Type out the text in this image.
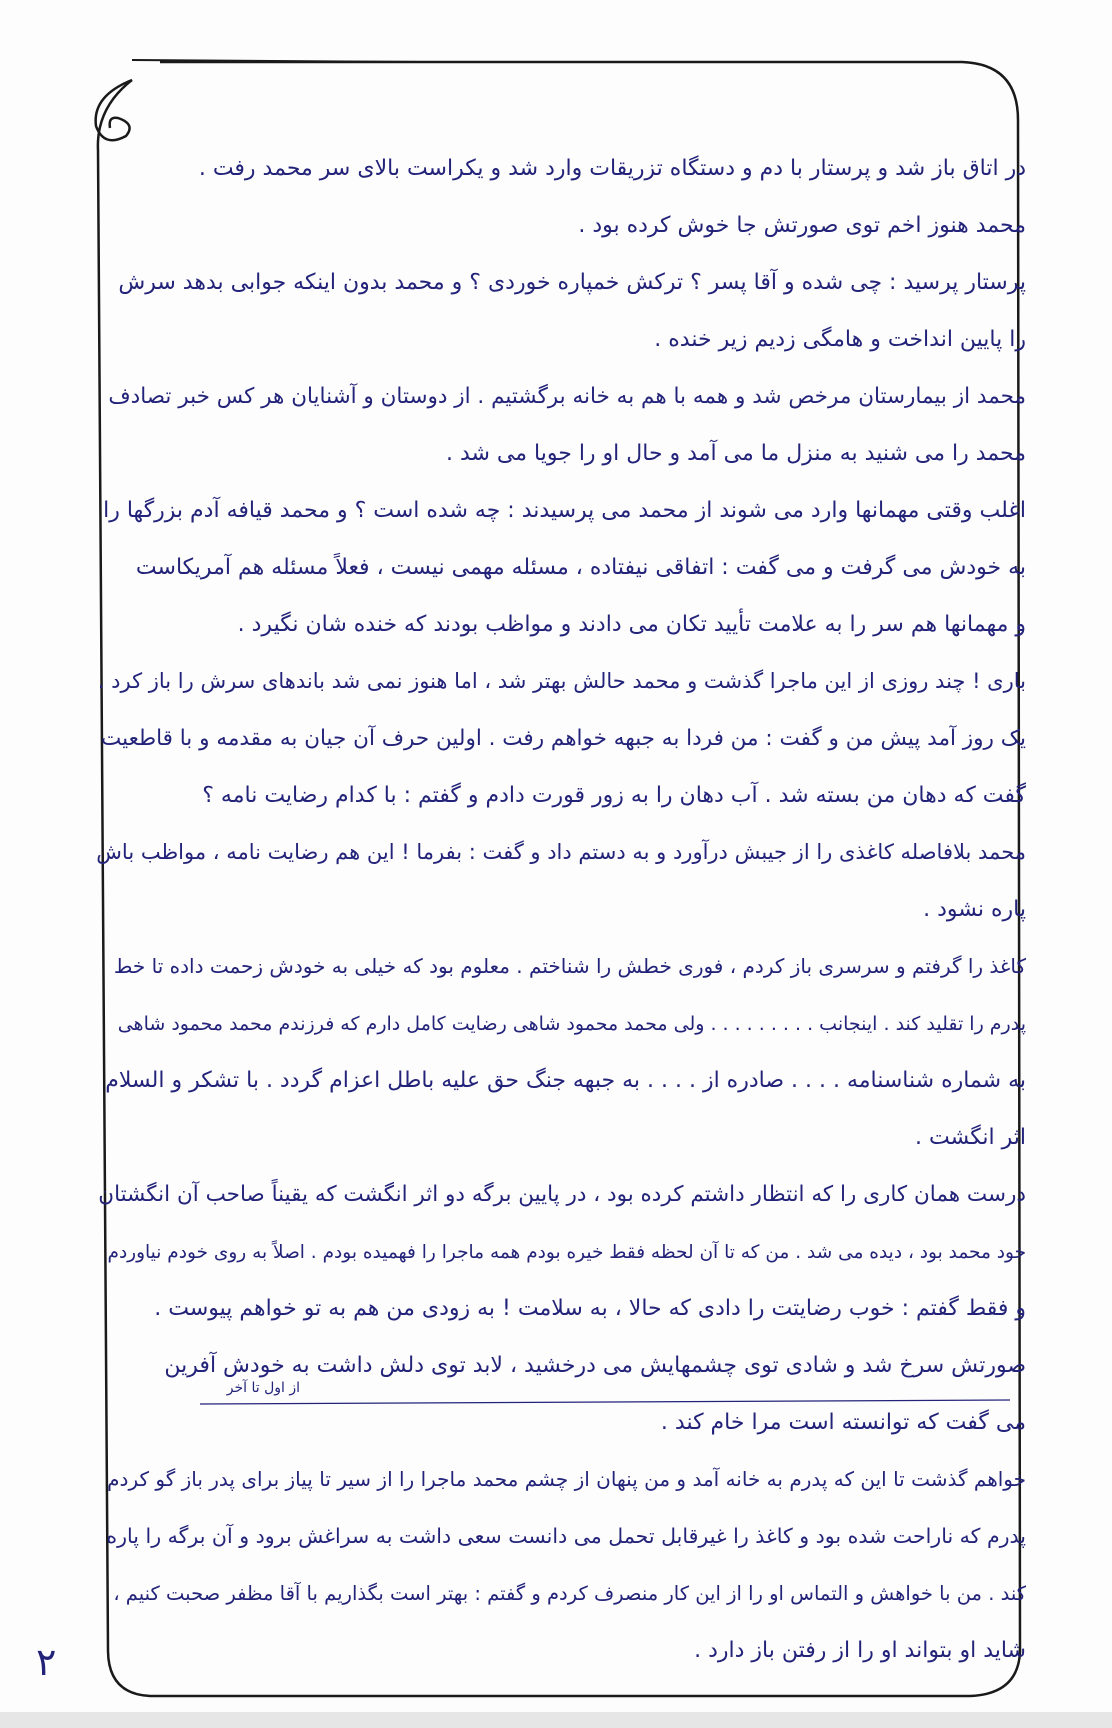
از اول تا آخر
در اتاق باز شد و پرستار با دم و دستگاه تزریقات وارد شد و یکراست بالای سر محمد رفت .
محمد هنوز اخم توی صورتش جا خوش کرده بود .
پرستار پرسید : چی شده و آقا پسر ؟ ترکش خمپاره خوردی ؟ و محمد بدون اینکه جوابی بدهد سرش
را پایین انداخت و هامگی زدیم زیر خنده .
محمد از بیمارستان مرخص شد و همه با هم به خانه برگشتیم . از دوستان و آشنایان هر کس خبر تصادف
محمد را می شنید به منزل ما می آمد و حال او را جویا می شد .
اغلب وقتی مهمانها وارد می شوند از محمد می پرسیدند : چه شده است ؟ و محمد قیافه آدم بزرگها را
به خودش می گرفت و می گفت : اتفاقی نیفتاده ، مسئله مهمی نیست ، فعلاً مسئله هم آمریکاست
و مهمانها هم سر را به علامت تأیید تکان می دادند و مواظب بودند که خنده شان نگیرد .
باری ! چند روزی از این ماجرا گذشت و محمد حالش بهتر شد ، اما هنوز نمی شد باندهای سرش را باز کرد .
یک روز آمد پیش من و گفت : من فردا به جبهه خواهم رفت . اولین حرف آن جیان به مقدمه و با قاطعیت
گفت که دهان من بسته شد . آب دهان را به زور قورت دادم و گفتم : با کدام رضایت نامه ؟
محمد بلافاصله کاغذی را از جیبش درآورد و به دستم داد و گفت : بفرما ! این هم رضایت نامه ، مواظب باش
پاره نشود .
کاغذ را گرفتم و سرسری باز کردم ، فوری خطش را شناختم . معلوم بود که خیلی به خودش زحمت داده تا خط
پدرم را تقلید کند . اینجانب . . . . . . . . . ولی محمد محمود شاهی رضایت کامل دارم که فرزندم محمد محمود شاهی
به شماره شناسنامه . . . . صادره از . . . . به جبهه جنگ حق علیه باطل اعزام گردد . با تشکر و السلام
اثر انگشت .
درست همان کاری را که انتظار داشتم کرده بود ، در پایین برگه دو اثر انگشت که یقیناً صاحب آن انگشتان
خود محمد بود ، دیده می شد . من که تا آن لحظه فقط خیره بودم همه ماجرا را فهمیده بودم . اصلاً به روی خودم نیاوردم
و فقط گفتم : خوب رضایتت را دادی که حالا ، به سلامت ! به زودی من هم به تو خواهم پیوست .
صورتش سرخ شد و شادی توی چشمهایش می درخشید ، لابد توی دلش داشت به خودش آفرین
می گفت که توانسته است مرا خام کند .
خواهم گذشت تا این که پدرم به خانه آمد و من پنهان از چشم محمد ماجرا را از سیر تا پیاز برای پدر باز گو کردم
پدرم که ناراحت شده بود و کاغذ را غیرقابل تحمل می دانست سعی داشت به سراغش برود و آن برگه را پاره
کند . من با خواهش و التماس او را از این کار منصرف کردم و گفتم : بهتر است بگذاریم با آقا مظفر صحبت کنیم ،
شاید او بتواند او را از رفتن باز دارد .
۲
